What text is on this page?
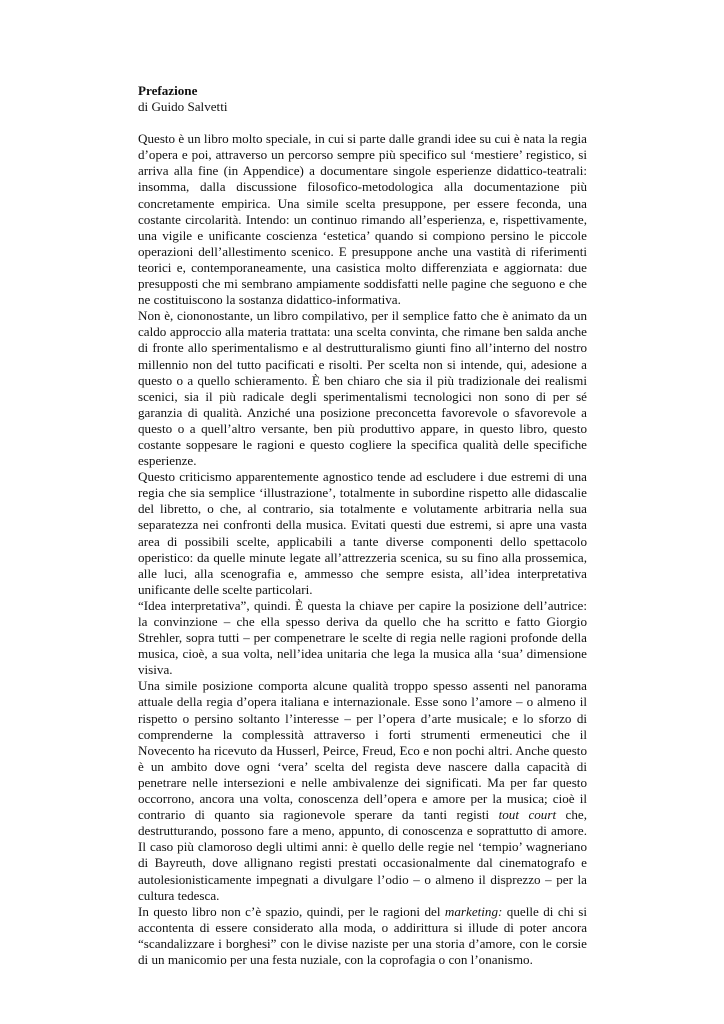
Prefazione

di Guido Salvetti

Questo è un libro molto speciale, in cui si parte dalle grandi idee su cui è nata la regia d’opera e poi, attraverso un percorso sempre più specifico sul ‘mestiere’ registico, si arriva alla fine (in Appendice) a documentare singole esperienze didattico-teatrali: insomma, dalla discussione filosofico-metodologica alla documentazione più concretamente empirica. Una simile scelta presuppone, per essere feconda, una costante circolarità. Intendo: un continuo rimando all’esperienza, e, rispettivamente, una vigile e unificante coscienza ‘estetica’ quando si compiono persino le piccole operazioni dell’allestimento scenico. E presuppone anche una vastità di riferimenti teorici e, contemporaneamente, una casistica molto differenziata e aggiornata: due presupposti che mi sembrano ampiamente soddisfatti nelle pagine che seguono e che ne costituiscono la sostanza didattico-informativa.

Non è, ciononostante, un libro compilativo, per il semplice fatto che è animato da un caldo approccio alla materia trattata: una scelta convinta, che rimane ben salda anche di fronte allo sperimentalismo e al destrutturalismo giunti fino all’interno del nostro millennio non del tutto pacificati e risolti. Per scelta non si intende, qui, adesione a questo o a quello schieramento. È ben chiaro che sia il più tradizionale dei realismi scenici, sia il più radicale degli sperimentalismi tecnologici non sono di per sé garanzia di qualità. Anziché una posizione preconcetta favorevole o sfavorevole a questo o a quell’altro versante, ben più produttivo appare, in questo libro, questo costante soppesare le ragioni e questo cogliere la specifica qualità delle specifiche esperienze.

Questo criticismo apparentemente agnostico tende ad escludere i due estremi di una regia che sia semplice ‘illustrazione’, totalmente in subordine rispetto alle didascalie del libretto, o che, al contrario, sia totalmente e volutamente arbitraria nella sua separatezza nei confronti della musica. Evitati questi due estremi, si apre una vasta area di possibili scelte, applicabili a tante diverse componenti dello spettacolo operistico: da quelle minute legate all’attrezzeria scenica, su su fino alla prossemica, alle luci, alla scenografia e, ammesso che sempre esista, all’idea interpretativa unificante delle scelte particolari.

“Idea interpretativa”, quindi. È questa la chiave per capire la posizione dell’autrice: la convinzione – che ella spesso deriva da quello che ha scritto e fatto Giorgio Strehler, sopra tutti – per compenetrare le scelte di regia nelle ragioni profonde della musica, cioè, a sua volta, nell’idea unitaria che lega la musica alla ‘sua’ dimensione visiva.

Una simile posizione comporta alcune qualità troppo spesso assenti nel panorama attuale della regia d’opera italiana e internazionale. Esse sono l’amore – o almeno il rispetto o persino soltanto l’interesse – per l’opera d’arte musicale; e lo sforzo di comprenderne la complessità attraverso i forti strumenti ermeneutici che il Novecento ha ricevuto da Husserl, Peirce, Freud, Eco e non pochi altri. Anche questo è un ambito dove ogni ‘vera’ scelta del regista deve nascere dalla capacità di penetrare nelle intersezioni e nelle ambivalenze dei significati. Ma per far questo occorrono, ancora una volta, conoscenza dell’opera e amore per la musica; cioè il contrario di quanto sia ragionevole sperare da tanti registi tout court che, destrutturando, possono fare a meno, appunto, di conoscenza e soprattutto di amore. Il caso più clamoroso degli ultimi anni: è quello delle regie nel ‘tempio’ wagneriano di Bayreuth, dove allignano registi prestati occasionalmente dal cinematografo e autolesionisticamente impegnati a divulgare l’odio – o almeno il disprezzo – per la cultura tedesca.

In questo libro non c’è spazio, quindi, per le ragioni del marketing: quelle di chi si accontenta di essere considerato alla moda, o addirittura si illude di poter ancora “scandalizzare i borghesi” con le divise naziste per una storia d’amore, con le corsie di un manicomio per una festa nuziale, con la coprofagia o con l’onanismo.
